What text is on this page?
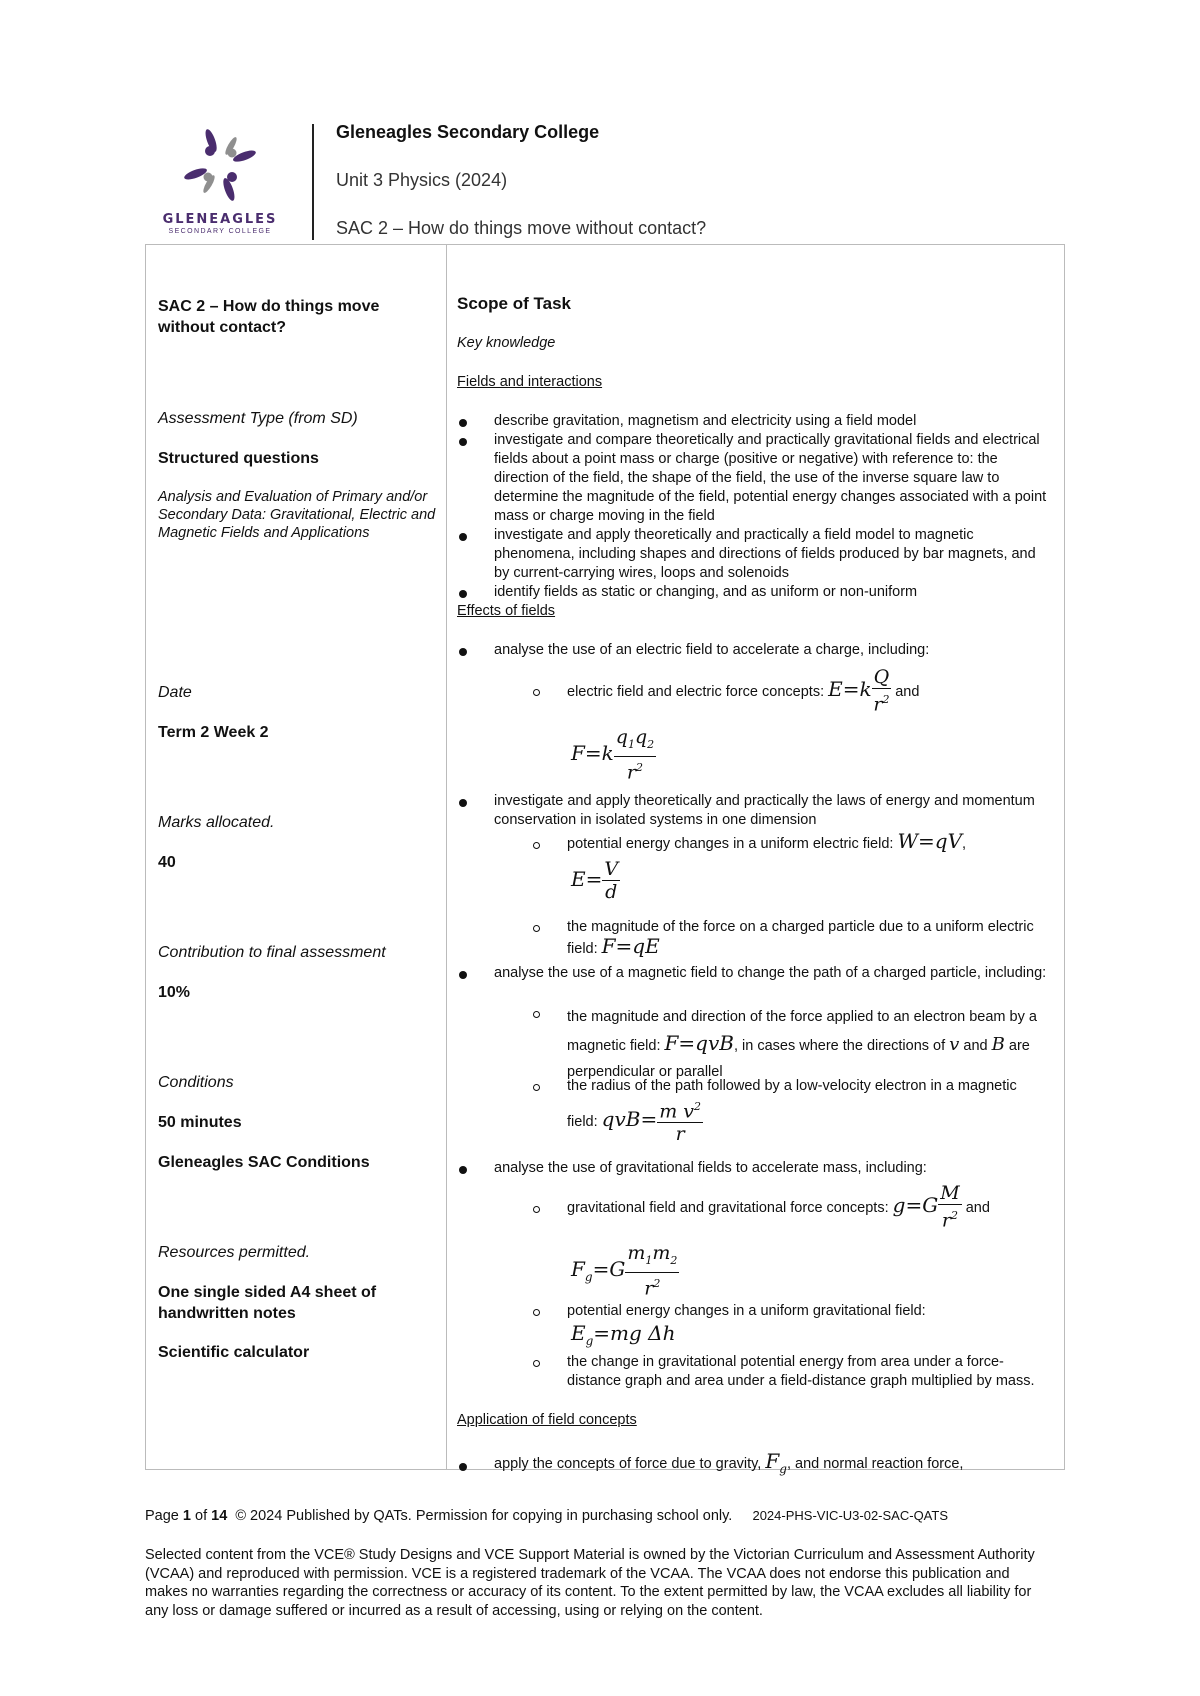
GLENEAGLES
SECONDARY COLLEGE
Gleneagles Secondary College
Unit 3 Physics (2024)
SAC 2 – How do things move without contact?
SAC 2 – How do things move without contact?
Assessment Type (from SD)
Structured questions
Analysis and Evaluation of Primary and/or Secondary Data: Gravitational, Electric and Magnetic Fields and Applications
Date
Term 2 Week 2
Marks allocated.
40
Contribution to final assessment
10%
Conditions
50 minutes
Gleneagles SAC Conditions
Resources permitted.
One single sided A4 sheet of handwritten notes
Scientific calculator
Scope of Task
Key knowledge
Fields and interactions
describe gravitation, magnetism and electricity using a field model
investigate and compare theoretically and practically gravitational fields and electrical fields about a point mass or charge (positive or negative) with reference to: the direction of the field, the shape of the field, the use of the inverse square law to determine the magnitude of the field, potential energy changes associated with a point mass or charge moving in the field
investigate and apply theoretically and practically a field model to magnetic phenomena, including shapes and directions of fields produced by bar magnets, and by current-carrying wires, loops and solenoids
identify fields as static or changing, and as uniform or non-uniform
Effects of fields
analyse the use of an electric field to accelerate a charge, including:
electric field and electric force concepts: $E=k \frac{Q}{r^2}$ and
$F=k \frac{q_1q_2}{r^2}$
investigate and apply theoretically and practically the laws of energy and momentum conservation in isolated systems in one dimension
potential energy changes in a uniform electric field: W=qV,
$E= \frac{V}{d}$
the magnitude of the force on a charged particle due to a uniform electric field: F=qE
analyse the use of a magnetic field to change the path of a charged particle, including:
the magnitude and direction of the force applied to an electron beam by a magnetic field: F=qvB, in cases where the directions of v and B are perpendicular or parallel
the radius of the path followed by a low-velocity electron in a magnetic field: $qvB= \frac{m v^2}{r}$
analyse the use of gravitational fields to accelerate mass, including:
gravitational field and gravitational force concepts: $g=G \frac{M}{r^2}$ and
$F_g=G \frac{m_1m_2}{r^2}$
potential energy changes in a uniform gravitational field:
$E_g=mg$ Δh
the change in gravitational potential energy from area under a force-distance graph and area under a field-distance graph multiplied by mass.
Application of field concepts
apply the concepts of force due to gravity, $F_g$, and normal reaction force,
Page 1 of 14 © 2024 Published by QATs. Permission for copying in purchasing school only. 2024-PHS-VIC-U3-02-SAC-QATS
Selected content from the VCE® Study Designs and VCE Support Material is owned by the Victorian Curriculum and Assessment Authority (VCAA) and reproduced with permission. VCE is a registered trademark of the VCAA. The VCAA does not endorse this publication and makes no warranties regarding the correctness or accuracy of its content. To the extent permitted by law, the VCAA excludes all liability for any loss or damage suffered or incurred as a result of accessing, using or relying on the content.
